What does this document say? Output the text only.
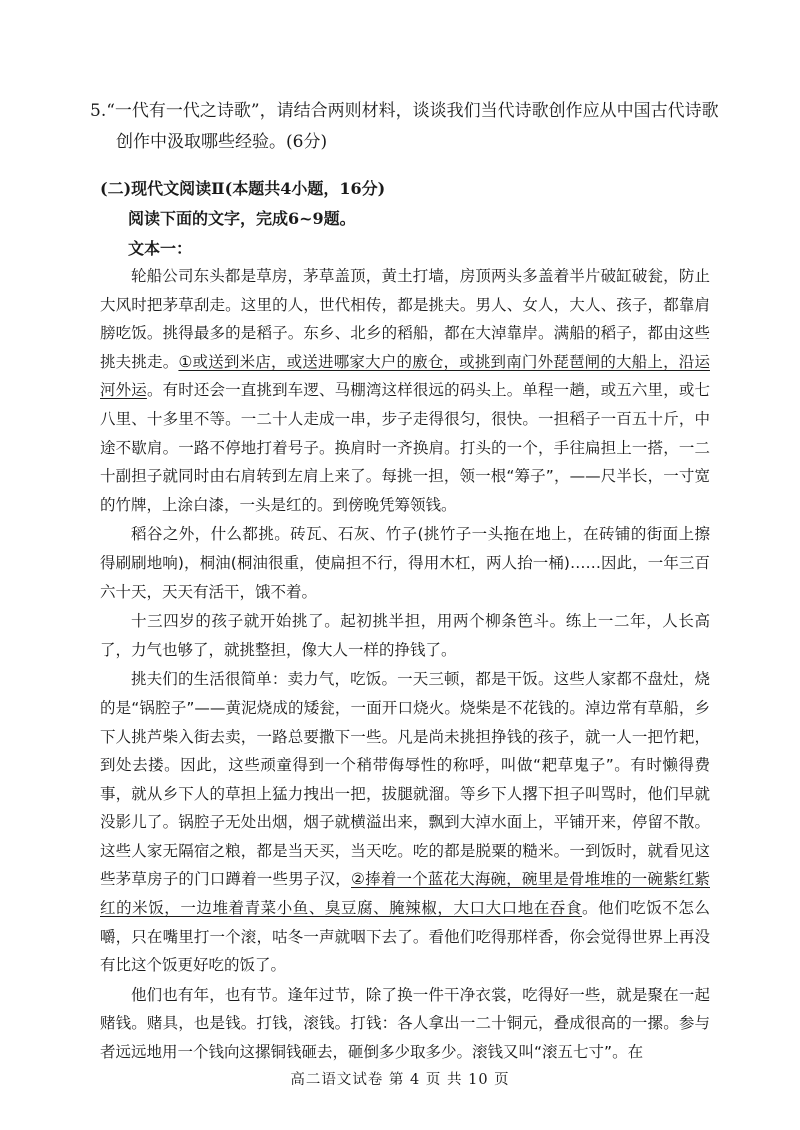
5.“一代有一代之诗歌”，请结合两则材料，谈谈我们当代诗歌创作应从中国古代诗歌
创作中汲取哪些经验。(6分)
(二)现代文阅读Ⅱ(本题共4小题，16分)
阅读下面的文字，完成6~9题。
文本一：

轮船公司东头都是草房，茅草盖顶，黄土打墙，房顶两头多盖着半片破缸破瓮，防止大风时把茅草刮走。这里的人，世代相传，都是挑夫。男人、女人，大人、孩子，都靠肩膀吃饭。挑得最多的是稻子。东乡、北乡的稻船，都在大淖靠岸。满船的稻子，都由这些挑夫挑走。①或送到米店，或送进哪家大户的廒仓，或挑到南门外琵琶闸的大船上，沿运河外运。有时还会一直挑到车逻、马棚湾这样很远的码头上。单程一趟，或五六里，或七八里、十多里不等。一二十人走成一串，步子走得很匀，很快。一担稻子一百五十斤，中途不歇肩。一路不停地打着号子。换肩时一齐换肩。打头的一个，手往扁担上一搭，一二十副担子就同时由右肩转到左肩上来了。每挑一担，领一根“筹子”，——尺半长，一寸宽的竹牌，上涂白漆，一头是红的。到傍晚凭筹领钱。

稻谷之外，什么都挑。砖瓦、石灰、竹子(挑竹子一头拖在地上，在砖铺的街面上擦得刷刷地响)，桐油(桐油很重，使扁担不行，得用木杠，两人抬一桶)……因此，一年三百六十天，天天有活干，饿不着。

十三四岁的孩子就开始挑了。起初挑半担，用两个柳条笆斗。练上一二年，人长高了，力气也够了，就挑整担，像大人一样的挣钱了。

挑夫们的生活很简单：卖力气，吃饭。一天三顿，都是干饭。这些人家都不盘灶，烧的是“锅腔子”——黄泥烧成的矮瓮，一面开口烧火。烧柴是不花钱的。淖边常有草船，乡下人挑芦柴入街去卖，一路总要撒下一些。凡是尚未挑担挣钱的孩子，就一人一把竹耙，到处去搂。因此，这些顽童得到一个稍带侮辱性的称呼，叫做“耙草鬼子”。有时懒得费事，就从乡下人的草担上猛力拽出一把，拔腿就溜。等乡下人撂下担子叫骂时，他们早就没影儿了。锅腔子无处出烟，烟子就横溢出来，飘到大淖水面上，平铺开来，停留不散。这些人家无隔宿之粮，都是当天买，当天吃。吃的都是脱粟的糙米。一到饭时，就看见这些茅草房子的门口蹲着一些男子汉，②捧着一个蓝花大海碗，碗里是骨堆堆的一碗紫红紫红的米饭，一边堆着青菜小鱼、臭豆腐、腌辣椒，大口大口地在吞食。他们吃饭不怎么嚼，只在嘴里打一个滚，咕冬一声就咽下去了。看他们吃得那样香，你会觉得世界上再没有比这个饭更好吃的饭了。

他们也有年，也有节。逢年过节，除了换一件干净衣裳，吃得好一些，就是聚在一起赌钱。赌具，也是钱。打钱，滚钱。打钱：各人拿出一二十铜元，叠成很高的一摞。参与者远远地用一个钱向这摞铜钱砸去，砸倒多少取多少。滚钱又叫“滚五七寸”。在

高二语文试卷 第 4 页 共 10 页
